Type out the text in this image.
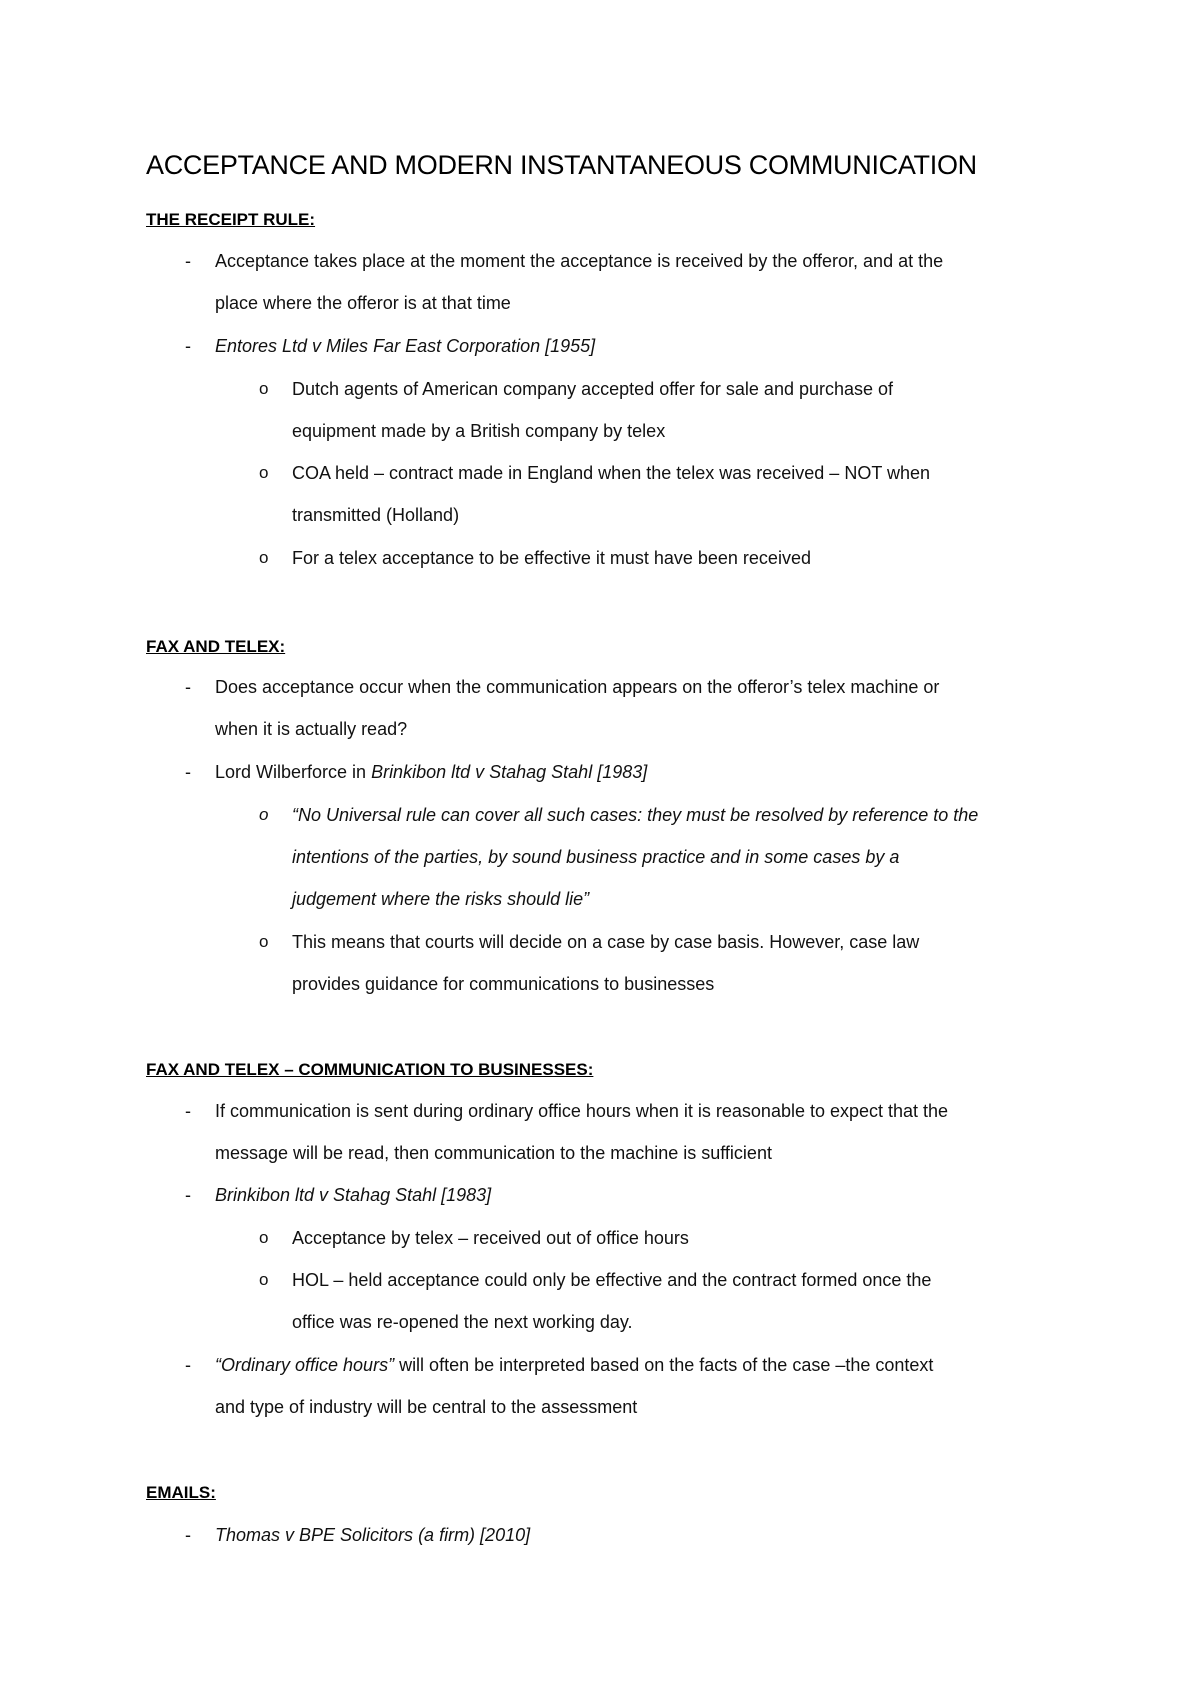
ACCEPTANCE AND MODERN INSTANTANEOUS COMMUNICATION
THE RECEIPT RULE:
- Acceptance takes place at the moment the acceptance is received by the offeror, and at the
place where the offeror is at that time
- Entores Ltd v Miles Far East Corporation [1955]
o Dutch agents of American company accepted offer for sale and purchase of
equipment made by a British company by telex
o COA held – contract made in England when the telex was received – NOT when
transmitted (Holland)
o For a telex acceptance to be effective it must have been received
FAX AND TELEX:
- Does acceptance occur when the communication appears on the offeror’s telex machine or
when it is actually read?
- Lord Wilberforce in Brinkibon ltd v Stahag Stahl [1983]
o “No Universal rule can cover all such cases: they must be resolved by reference to the
intentions of the parties, by sound business practice and in some cases by a
judgement where the risks should lie”
o This means that courts will decide on a case by case basis. However, case law
provides guidance for communications to businesses
FAX AND TELEX – COMMUNICATION TO BUSINESSES:
- If communication is sent during ordinary office hours when it is reasonable to expect that the
message will be read, then communication to the machine is sufficient
- Brinkibon ltd v Stahag Stahl [1983]
o Acceptance by telex – received out of office hours
o HOL – held acceptance could only be effective and the contract formed once the
office was re-opened the next working day.
- “Ordinary office hours” will often be interpreted based on the facts of the case –the context
and type of industry will be central to the assessment
EMAILS:
- Thomas v BPE Solicitors (a firm) [2010]
